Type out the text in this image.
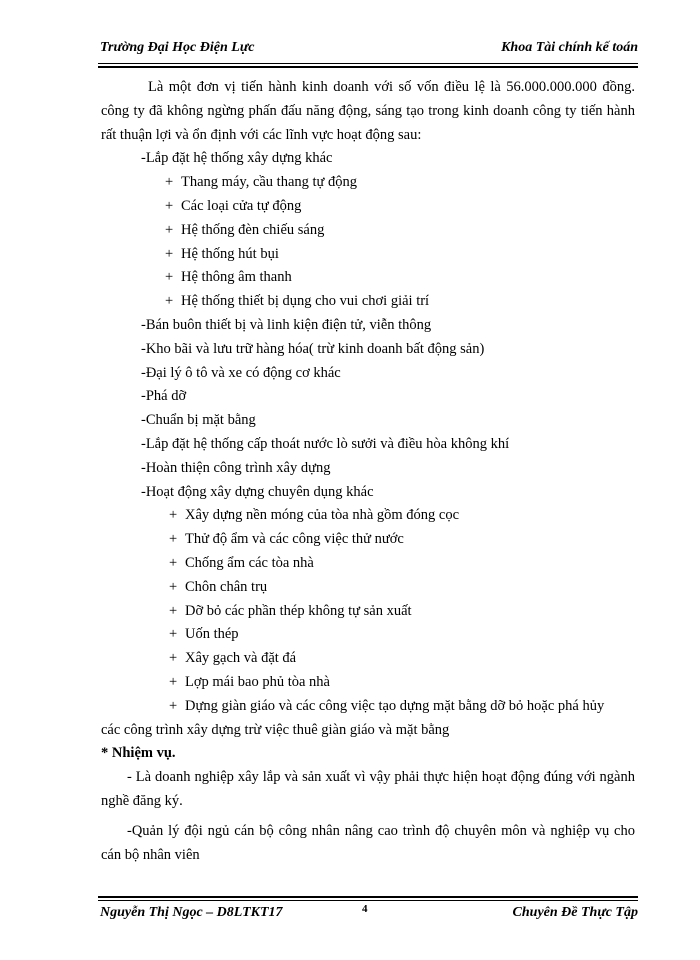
Trường Đại Học Điện Lực	Khoa Tài chính kế toán

Là một đơn vị tiến hành kinh doanh với số vốn điều lệ là 56.000.000.000 đồng. công ty đã không ngừng phấn đấu năng động, sáng tạo trong kinh doanh công ty tiến hành rất thuận lợi và ổn định với các lĩnh vực hoạt động sau:

-Lắp đặt hệ thống xây dựng khác

+ Thang máy, cầu thang tự động

+ Các loại cửa tự động

+ Hệ thống đèn chiếu sáng

+ Hệ thống hút bụi

+ Hệ thông âm thanh

+ Hệ thống thiết bị dụng cho vui chơi giải trí

-Bán buôn thiết bị và linh kiện điện tử, viễn thông

-Kho bãi và lưu trữ hàng hóa( trừ kinh doanh bất động sản)

-Đại lý ô tô và xe có động cơ khác

-Phá dỡ

-Chuẩn bị mặt bằng

-Lắp đặt hệ thống cấp thoát nước lò sưởi và điều hòa không khí

-Hoàn thiện công trình xây dựng

-Hoạt động xây dựng chuyên dụng khác

+ Xây dựng nền móng của tòa nhà gồm đóng cọc

+ Thử độ ẩm và các công việc thử nước

+ Chống ẩm các tòa nhà

+ Chôn chân trụ

+ Dỡ bỏ các phần thép không tự sản xuất

+ Uốn thép

+ Xây gạch và đặt đá

+ Lợp mái bao phủ tòa nhà

+ Dựng giàn giáo và các công việc tạo dựng mặt bằng dỡ bỏ hoặc phá hủy

các công trình xây dựng trừ việc thuê giàn giáo và mặt bằng

* Nhiệm vụ.

- Là doanh nghiệp xây lắp và sản xuất vì vậy phải thực hiện hoạt động đúng với ngành nghề đăng ký.

-Quản lý đội ngủ cán bộ công nhân nâng cao trình độ chuyên môn và nghiệp vụ cho cán bộ nhân viên

Nguyễn Thị Ngọc – D8LTKT17	4	Chuyên Đề Thực Tập
